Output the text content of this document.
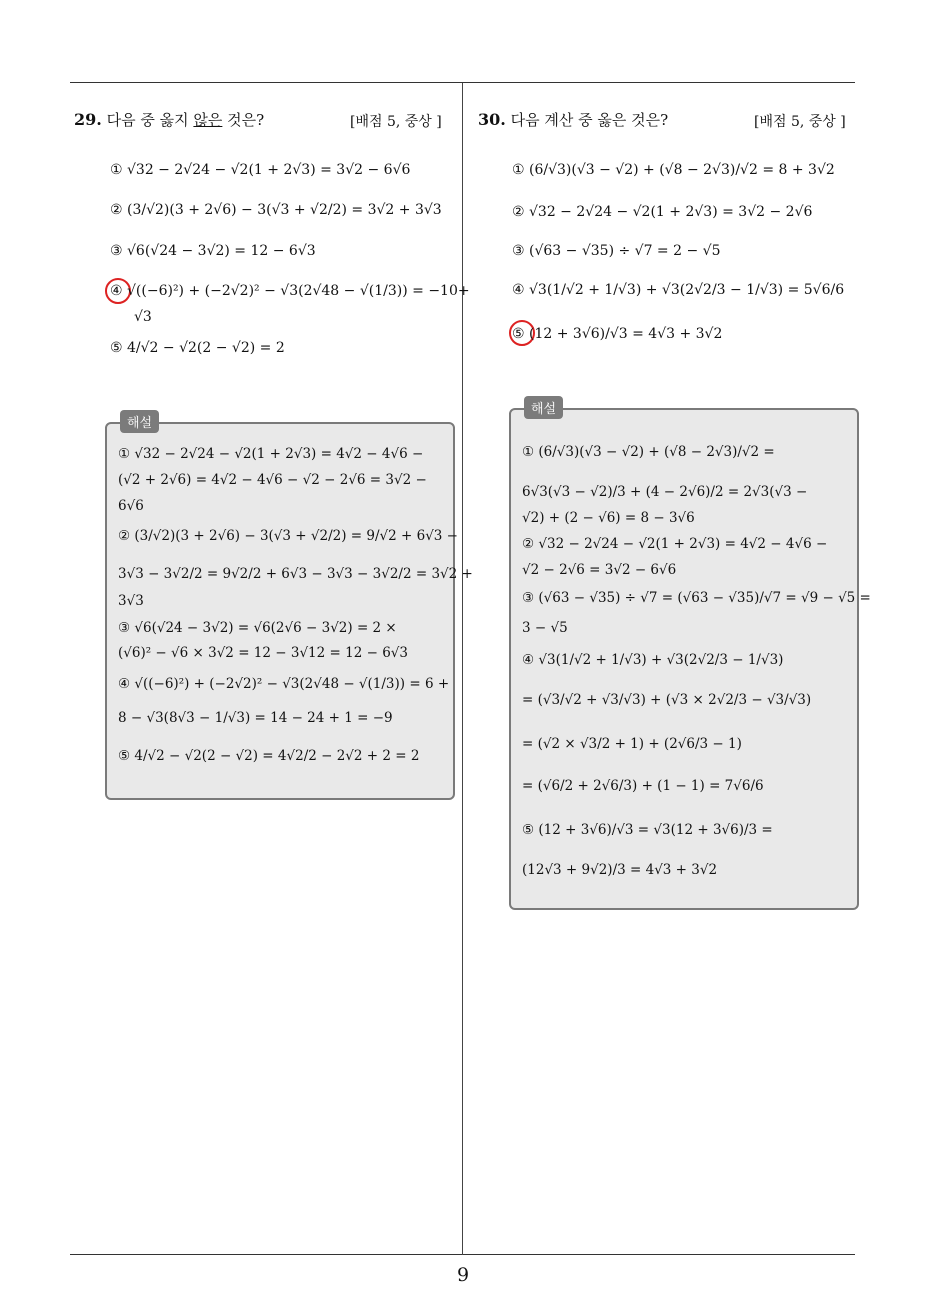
29. 다음 중 옳지 않은 것은?	[배점 5, 중상 ]
① √32 − 2√24 − √2(1 + 2√3) = 3√2 − 6√6
② (3/√2)(3 + 2√6) − 3(√3 + √2/2) = 3√2 + 3√3
③ √6(√24 − 3√2) = 12 − 6√3
④ √((−6)²) + (−2√2)² − √3(2√48 − √(1/3)) = −10+
√3
⑤ 4/√2 − √2(2 − √2) = 2
해설
① √32 − 2√24 − √2(1 + 2√3) = 4√2 − 4√6 −
(√2 + 2√6) = 4√2 − 4√6 − √2 − 2√6 = 3√2 −
6√6
② (3/√2)(3 + 2√6) − 3(√3 + √2/2) = 9/√2 + 6√3 −
3√3 − 3√2/2 = 9√2/2 + 6√3 − 3√3 − 3√2/2 = 3√2 +
3√3
③ √6(√24 − 3√2) = √6(2√6 − 3√2) = 2 ×
(√6)² − √6 × 3√2 = 12 − 3√12 = 12 − 6√3
④ √((−6)²) + (−2√2)² − √3(2√48 − √(1/3)) = 6 +
8 − √3(8√3 − 1/√3) = 14 − 24 + 1 = −9
⑤ 4/√2 − √2(2 − √2) = 4√2/2 − 2√2 + 2 = 2
30. 다음 계산 중 옳은 것은?	[배점 5, 중상 ]
① (6/√3)(√3 − √2) + (√8 − 2√3)/√2 = 8 + 3√2
② √32 − 2√24 − √2(1 + 2√3) = 3√2 − 2√6
③ (√63 − √35) ÷ √7 = 2 − √5
④ √3(1/√2 + 1/√3) + √3(2√2/3 − 1/√3) = 5√6/6
⑤ (12 + 3√6)/√3 = 4√3 + 3√2
해설
① (6/√3)(√3 − √2) + (√8 − 2√3)/√2 =
6√3(√3 − √2)/3 + (4 − 2√6)/2 = 2√3(√3 −
√2) + (2 − √6) = 8 − 3√6
② √32 − 2√24 − √2(1 + 2√3) = 4√2 − 4√6 −
√2 − 2√6 = 3√2 − 6√6
③ (√63 − √35) ÷ √7 = (√63 − √35)/√7 = √9 − √5 =
3 − √5
④ √3(1/√2 + 1/√3) + √3(2√2/3 − 1/√3)
= (√3/√2 + √3/√3) + (√3 × 2√2/3 − √3/√3)
= (√2 × √3/2 + 1) + (2√6/3 − 1)
= (√6/2 + 2√6/3) + (1 − 1) = 7√6/6
⑤ (12 + 3√6)/√3 = √3(12 + 3√6)/3 =
(12√3 + 9√2)/3 = 4√3 + 3√2
9
